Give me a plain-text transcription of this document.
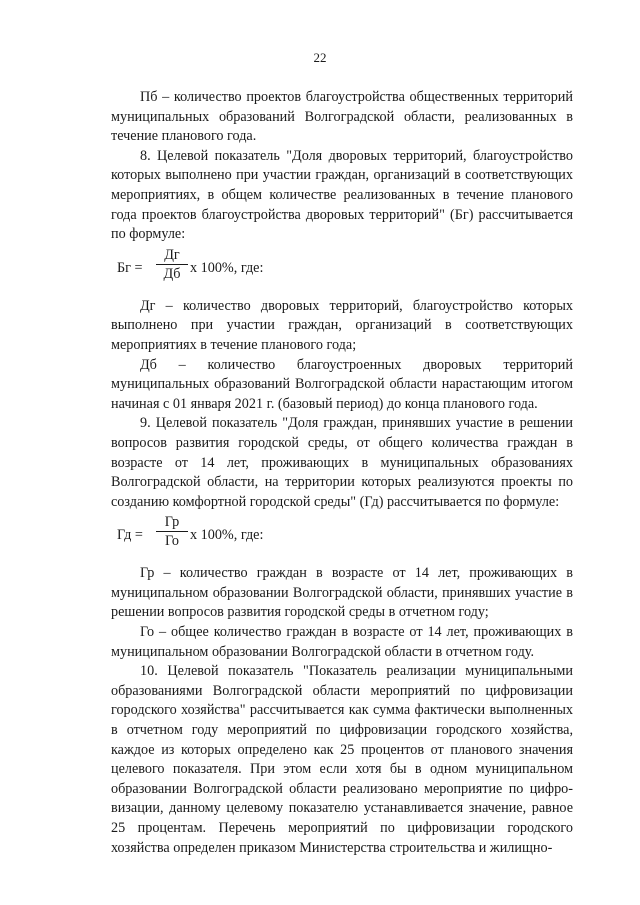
22

Пб – количество проектов благоустройства общественных территорий муниципальных образований Волгоградской области, реализованных в течение планового года.

8. Целевой показатель "Доля дворовых территорий, благоустройство которых выполнено при участии граждан, организаций в соответствующих мероприятиях, в общем количестве реализованных в течение планового года проектов благоустройства дворовых территорий" (Бг) рассчитывается по формуле:

Бг =
Дг
Дб х 100%, где:

Дг – количество дворовых территорий, благоустройство которых выполнено при участии граждан, организаций в соответствующих мероприятиях в течение планового года;

Дб – количество благоустроенных дворовых территорий муниципальных образований Волгоградской области нарастающим итогом начиная с 01 января 2021 г. (базовый период) до конца планового года.

9. Целевой показатель "Доля граждан, принявших участие в решении вопросов развития городской среды, от общего количества граждан в возрасте от 14 лет, проживающих в муниципальных образованиях Волгоградской области, на территории которых реализуются проекты по созданию комфортной городской среды" (Гд) рассчитывается по формуле:

Гд =
Гр
Го х 100%, где:

Гр – количество граждан в возрасте от 14 лет, проживающих в муниципальном образовании Волгоградской области, принявших участие в решении вопросов развития городской среды в отчетном году;

Го – общее количество граждан в возрасте от 14 лет, проживающих в муниципальном образовании Волгоградской области в отчетном году.

10. Целевой показатель "Показатель реализации муниципальными образованиями Волгоградской области мероприятий по цифровизации городского хозяйства" рассчитывается как сумма фактически выполненных в отчетном году мероприятий по цифровизации городского хозяйства, каждое из которых определено как 25 процентов от планового значения целевого показателя. При этом если хотя бы в одном муниципальном образовании Волгоградской области реализовано мероприятие по цифро-визации, данному целевому показателю устанавливается значение, равное 25 процентам. Перечень мероприятий по цифровизации городского хозяйства определен приказом Министерства строительства и жилищно-
